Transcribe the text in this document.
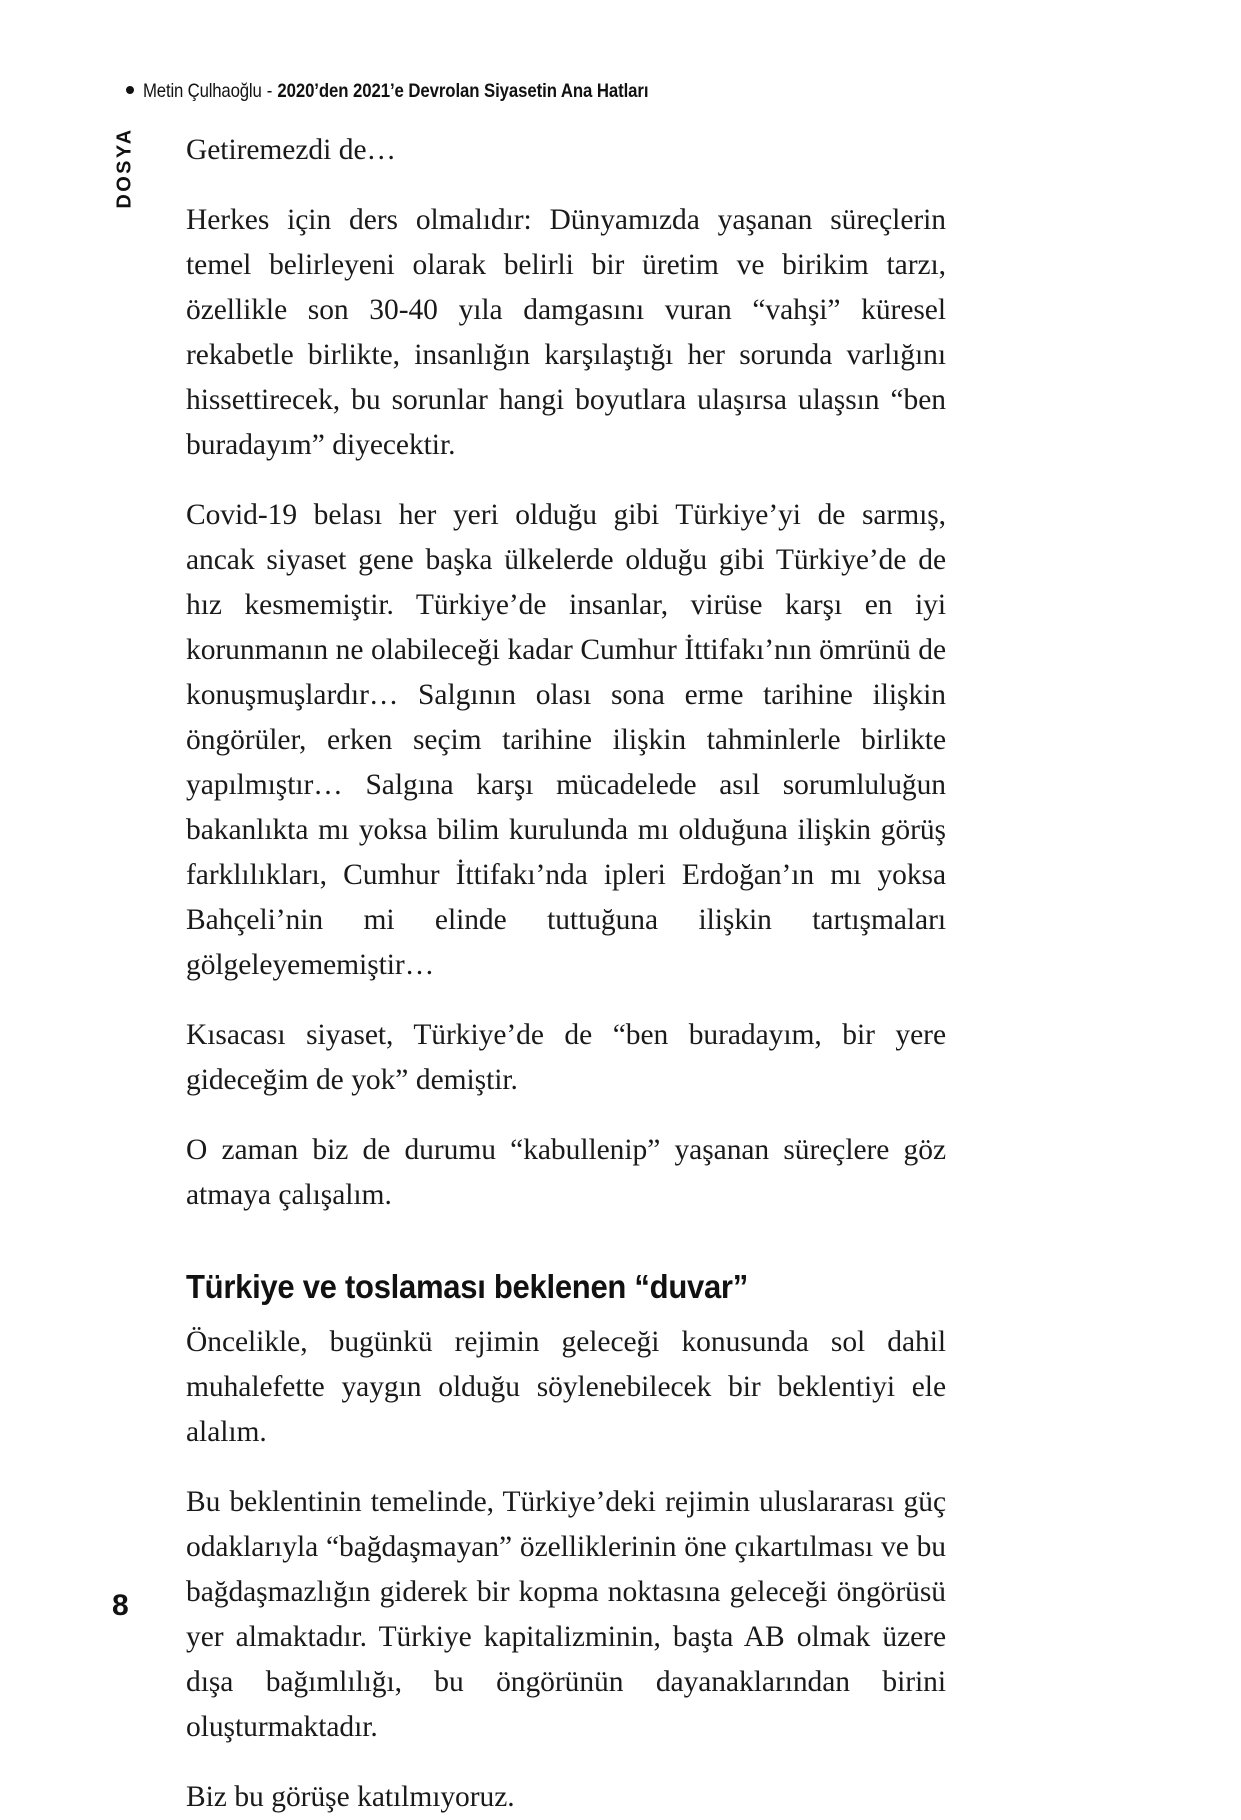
Metin Çulhaoğlu - 2020’den 2021’e Devrolan Siyasetin Ana Hatları
DOSYA Getiremezdi de…

Herkes için ders olmalıdır: Dünyamızda yaşanan süreçlerin temel belirleyeni olarak belirli bir üretim ve birikim tarzı, özellikle son 30-40 yıla damgasını vuran “vahşi” küresel rekabetle birlikte, insanlığın karşılaştığı her sorunda varlığını hissettirecek, bu sorunlar hangi boyutlara ulaşırsa ulaşsın “ben buradayım” diyecektir.

Covid-19 belası her yeri olduğu gibi Türkiye’yi de sarmış, ancak siyaset gene başka ülkelerde olduğu gibi Türkiye’de de hız kesmemiştir. Türkiye’de insanlar, virüse karşı en iyi korunmanın ne olabileceği kadar Cumhur İttifakı’nın ömrünü de konuşmuşlardır… Salgının olası sona erme tarihine ilişkin öngörüler, erken seçim tarihine ilişkin tahminlerle birlikte yapılmıştır… Salgına karşı mücadelede asıl sorumluluğun bakanlıkta mı yoksa bilim kurulunda mı olduğuna ilişkin görüş farklılıkları, Cumhur İttifakı’nda ipleri Erdoğan’ın mı yoksa Bahçeli’nin mi elinde tuttuğuna ilişkin tartışmaları gölgeleyememiştir…

Kısacası siyaset, Türkiye’de de “ben buradayım, bir yere gideceğim de yok” demiştir.

O zaman biz de durumu “kabullenip” yaşanan süreçlere göz atmaya çalışalım.

Türkiye ve toslaması beklenen “duvar”

Öncelikle, bugünkü rejimin geleceği konusunda sol dahil muhalefette yaygın olduğu söylenebilecek bir beklentiyi ele alalım.

Bu beklentinin temelinde, Türkiye’deki rejimin uluslararası güç odaklarıyla “bağdaşmayan” özelliklerinin öne çıkartılması ve bu bağdaşmazlığın giderek bir kopma noktasına geleceği öngörüsü yer almaktadır. Türkiye kapitalizminin, başta AB olmak üzere dışa bağımlılığı, bu öngörünün dayanaklarından birini oluşturmaktadır.

Biz bu görüşe katılmıyoruz.

8
